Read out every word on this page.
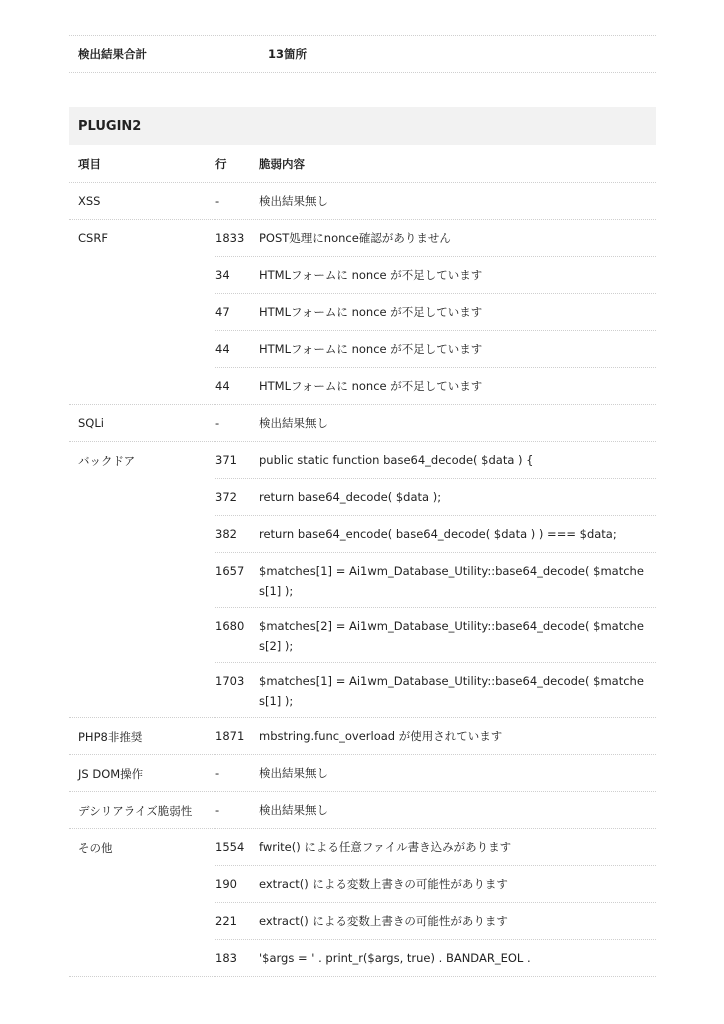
検出結果合計	13箇所
PLUGIN2
項目	行	脆弱内容
XSS	-	検出結果無し
CSRF	1833	POST処理にnonce確認がありません
34	HTMLフォームに nonce が不足しています
47	HTMLフォームに nonce が不足しています
44	HTMLフォームに nonce が不足しています
44	HTMLフォームに nonce が不足しています
SQLi	-	検出結果無し
バックドア	371	public static function base64_decode( $data ) {
372	return base64_decode( $data );
382	return base64_encode( base64_decode( $data ) ) === $data;
1657	$matches[1] = Ai1wm_Database_Utility::base64_decode( $matches[1] );
1680	$matches[2] = Ai1wm_Database_Utility::base64_decode( $matches[2] );
1703	$matches[1] = Ai1wm_Database_Utility::base64_decode( $matches[1] );
PHP8非推奨	1871	mbstring.func_overload が使用されています
JS DOM操作	-	検出結果無し
デシリアライズ脆弱性	-	検出結果無し
その他	1554	fwrite() による任意ファイル書き込みがあります
190	extract() による変数上書きの可能性があります
221	extract() による変数上書きの可能性があります
183	'$args = ' . print_r($args, true) . BANDAR_EOL .
